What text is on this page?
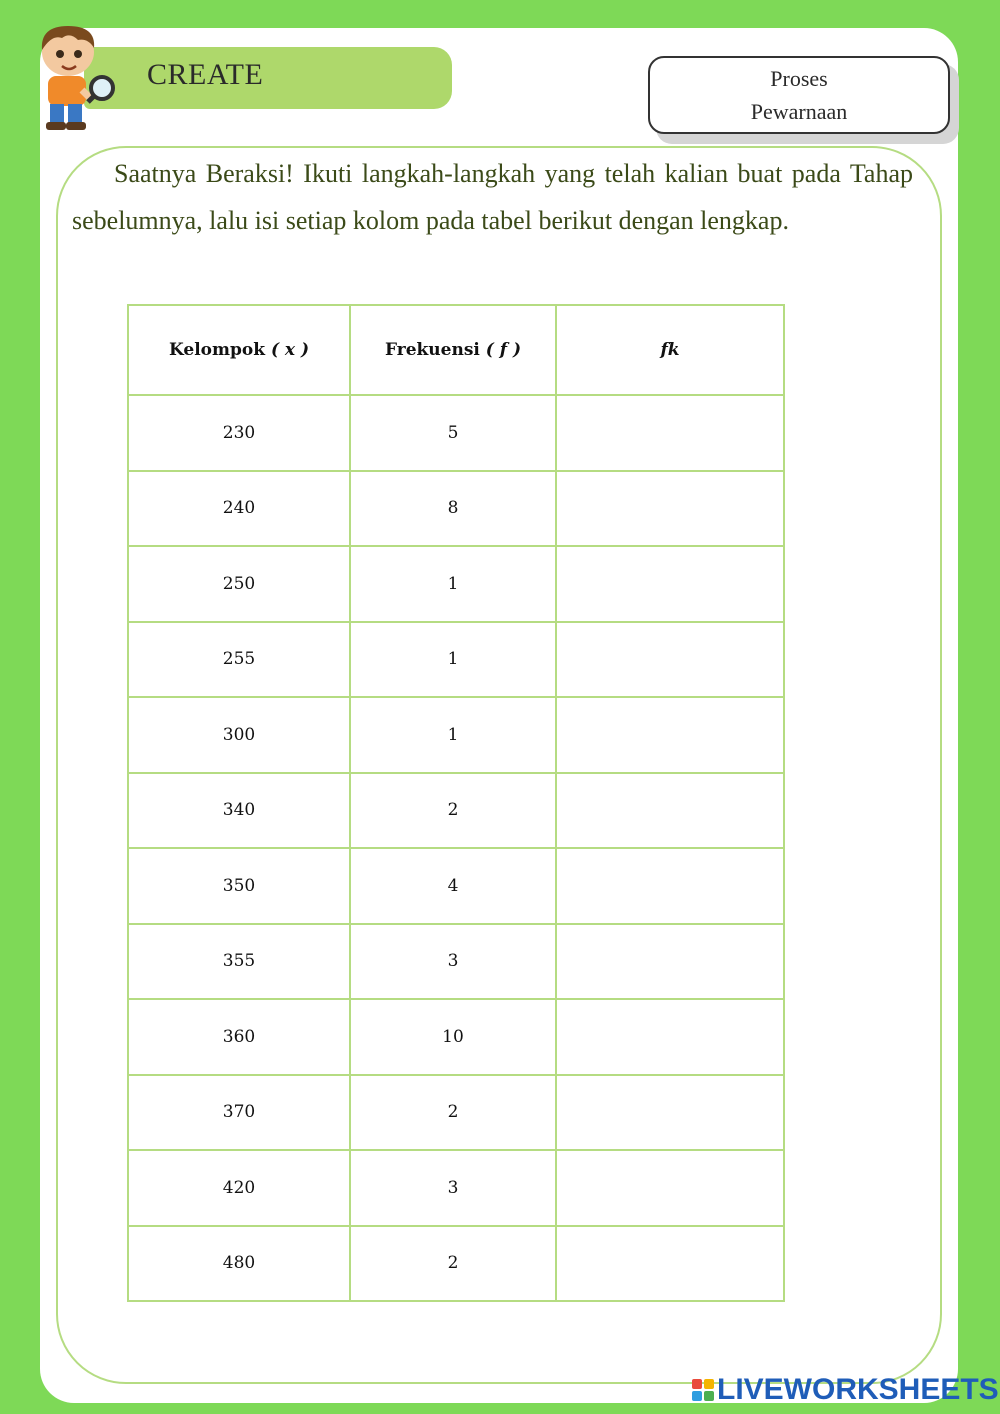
CREATE	Proses
Pewarnaan

Saatnya Beraksi! Ikuti langkah-langkah yang telah kalian buat pada Tahap sebelumnya, lalu isi setiap kolom pada tabel berikut dengan lengkap.

Kelompok ( x )	Frekuensi ( f )	fk
230	5	
240	8	
250	1	
255	1	
300	1	
340	2	
350	4	
355	3	
360	10	
370	2	
420	3	
480	2	
LIVEWORKSHEETS
